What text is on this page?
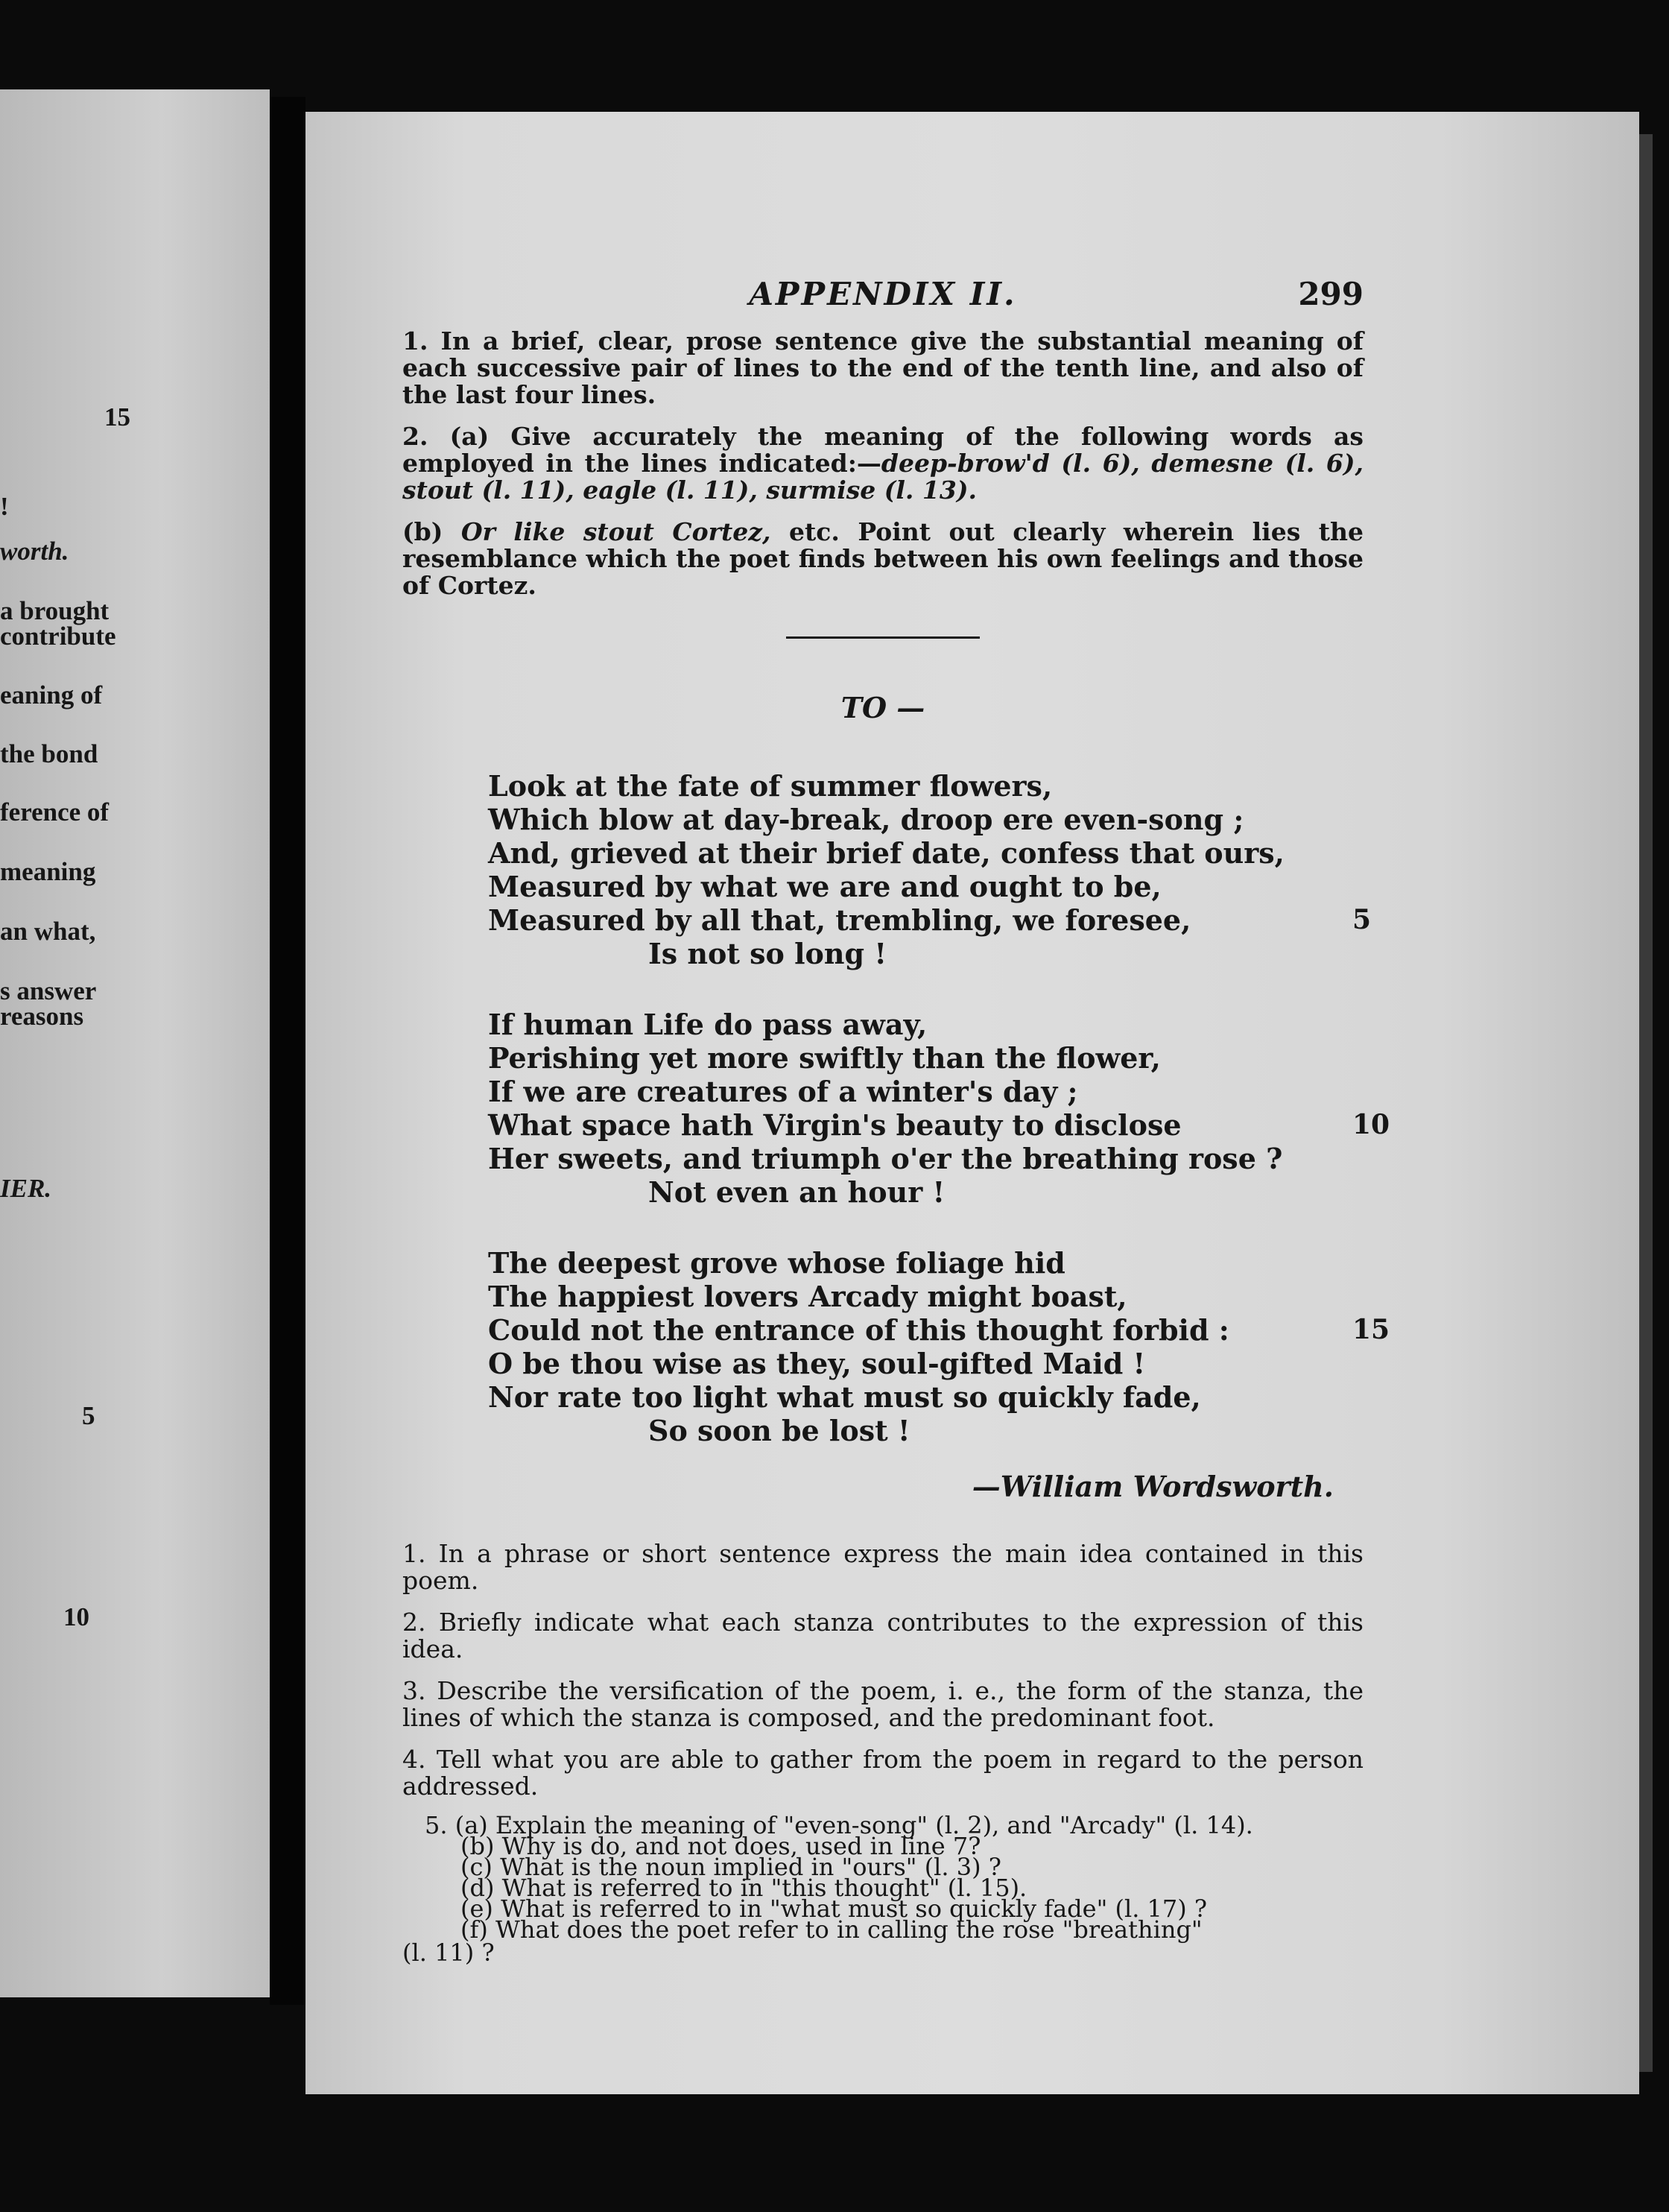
15
!
worth.
a brought
contribute
eaning of
the bond
ference of
meaning
an what,
s answer
reasons
IER.
5
10
APPENDIX II.	299

1. In a brief, clear, prose sentence give the substantial meaning of each successive pair of lines to the end of the tenth line, and also of the last four lines.

2. (a) Give accurately the meaning of the following words as employed in the lines indicated:—deep-brow'd (l. 6), demesne (l. 6), stout (l. 11), eagle (l. 11), surmise (l. 13).

(b) Or like stout Cortez, etc. Point out clearly wherein lies the resemblance which the poet finds between his own feelings and those of Cortez.

TO —
Look at the fate of summer flowers,
Which blow at day-break, droop ere even-song ;
And, grieved at their brief date, confess that ours,
Measured by what we are and ought to be,
Measured by all that, trembling, we foresee,	5
Is not so long !
If human Life do pass away,
Perishing yet more swiftly than the flower,
If we are creatures of a winter's day ;
What space hath Virgin's beauty to disclose	10
Her sweets, and triumph o'er the breathing rose ?
Not even an hour !
The deepest grove whose foliage hid
The happiest lovers Arcady might boast,
Could not the entrance of this thought forbid :	15
O be thou wise as they, soul-gifted Maid !
Nor rate too light what must so quickly fade,
So soon be lost !
—William Wordsworth.

1. In a phrase or short sentence express the main idea contained in this poem.

2. Briefly indicate what each stanza contributes to the expression of this idea.

3. Describe the versification of the poem, i. e., the form of the stanza, the lines of which the stanza is composed, and the predominant foot.

4. Tell what you are able to gather from the poem in regard to the person addressed.

5. (a) Explain the meaning of "even-song" (l. 2), and "Arcady" (l. 14).
(b) Why is do, and not does, used in line 7?
(c) What is the noun implied in "ours" (l. 3) ?
(d) What is referred to in "this thought" (l. 15).
(e) What is referred to in "what must so quickly fade" (l. 17) ?
(f) What does the poet refer to in calling the rose "breathing"
(l. 11) ?
